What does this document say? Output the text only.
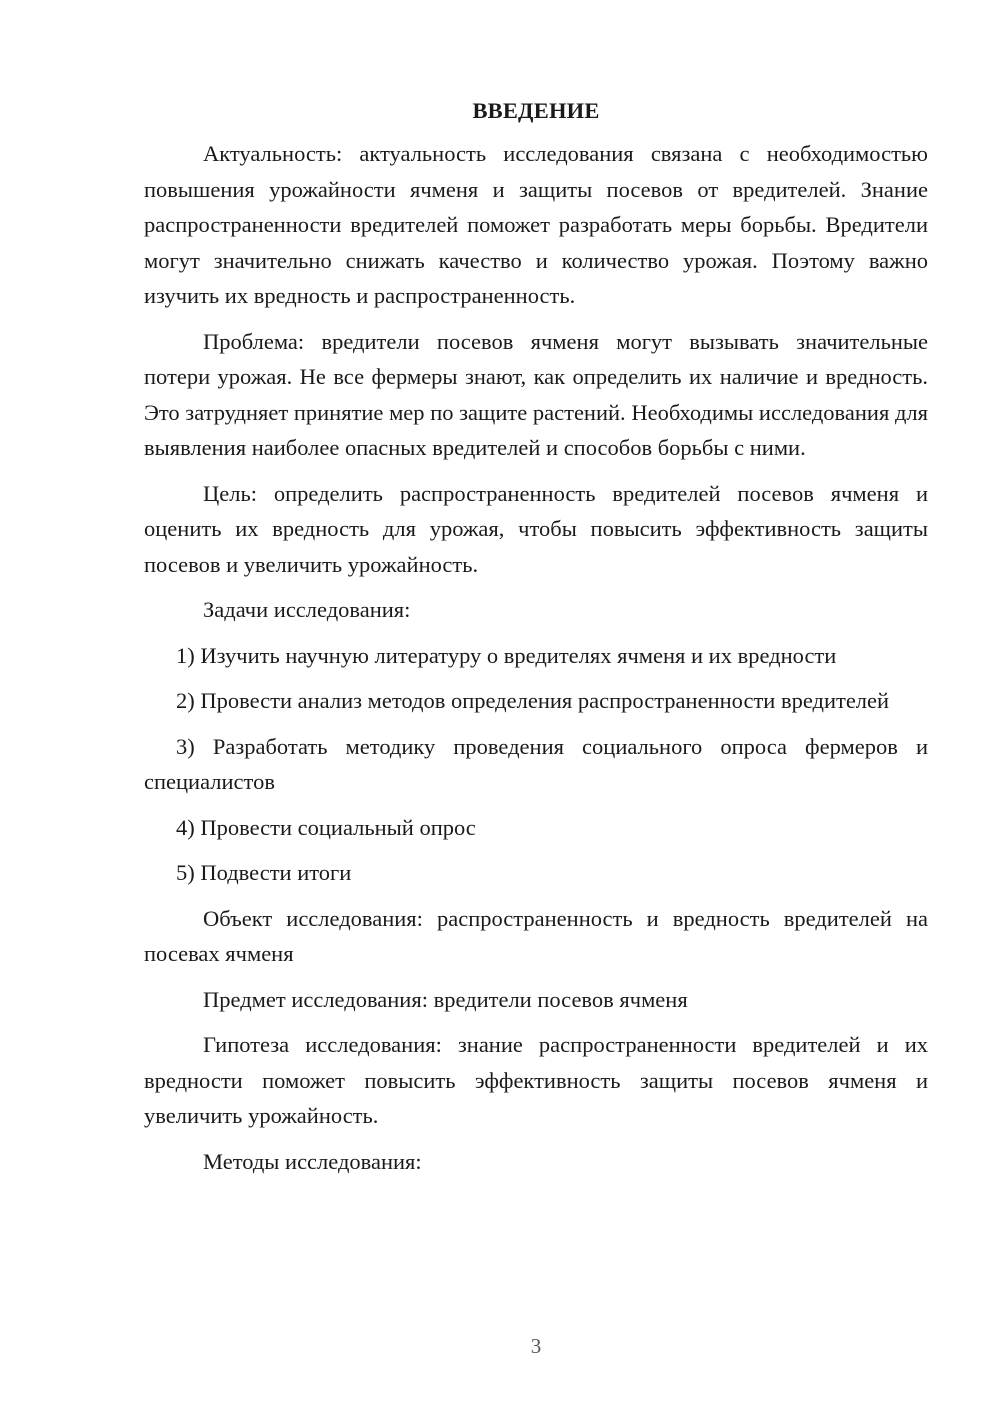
ВВЕДЕНИЕ

Актуальность: актуальность исследования связана с необходимостью повышения урожайности ячменя и защиты посевов от вредителей. Знание распространенности вредителей поможет разработать меры борьбы. Вредители могут значительно снижать качество и количество урожая. Поэтому важно изучить их вредность и распространенность.

Проблема: вредители посевов ячменя могут вызывать значительные потери урожая. Не все фермеры знают, как определить их наличие и вредность. Это затрудняет принятие мер по защите растений. Необходимы исследования для выявления наиболее опасных вредителей и способов борьбы с ними.

Цель: определить распространенность вредителей посевов ячменя и оценить их вредность для урожая, чтобы повысить эффективность защиты посевов и увеличить урожайность.

Задачи исследования:

1) Изучить научную литературу о вредителях ячменя и их вредности

2) Провести анализ методов определения распространенности вредителей

3) Разработать методику проведения социального опроса фермеров и специалистов

4) Провести социальный опрос

5) Подвести итоги

Объект исследования: распространенность и вредность вредителей на посевах ячменя

Предмет исследования: вредители посевов ячменя

Гипотеза исследования: знание распространенности вредителей и их вредности поможет повысить эффективность защиты посевов ячменя и увеличить урожайность.

Методы исследования:

3
